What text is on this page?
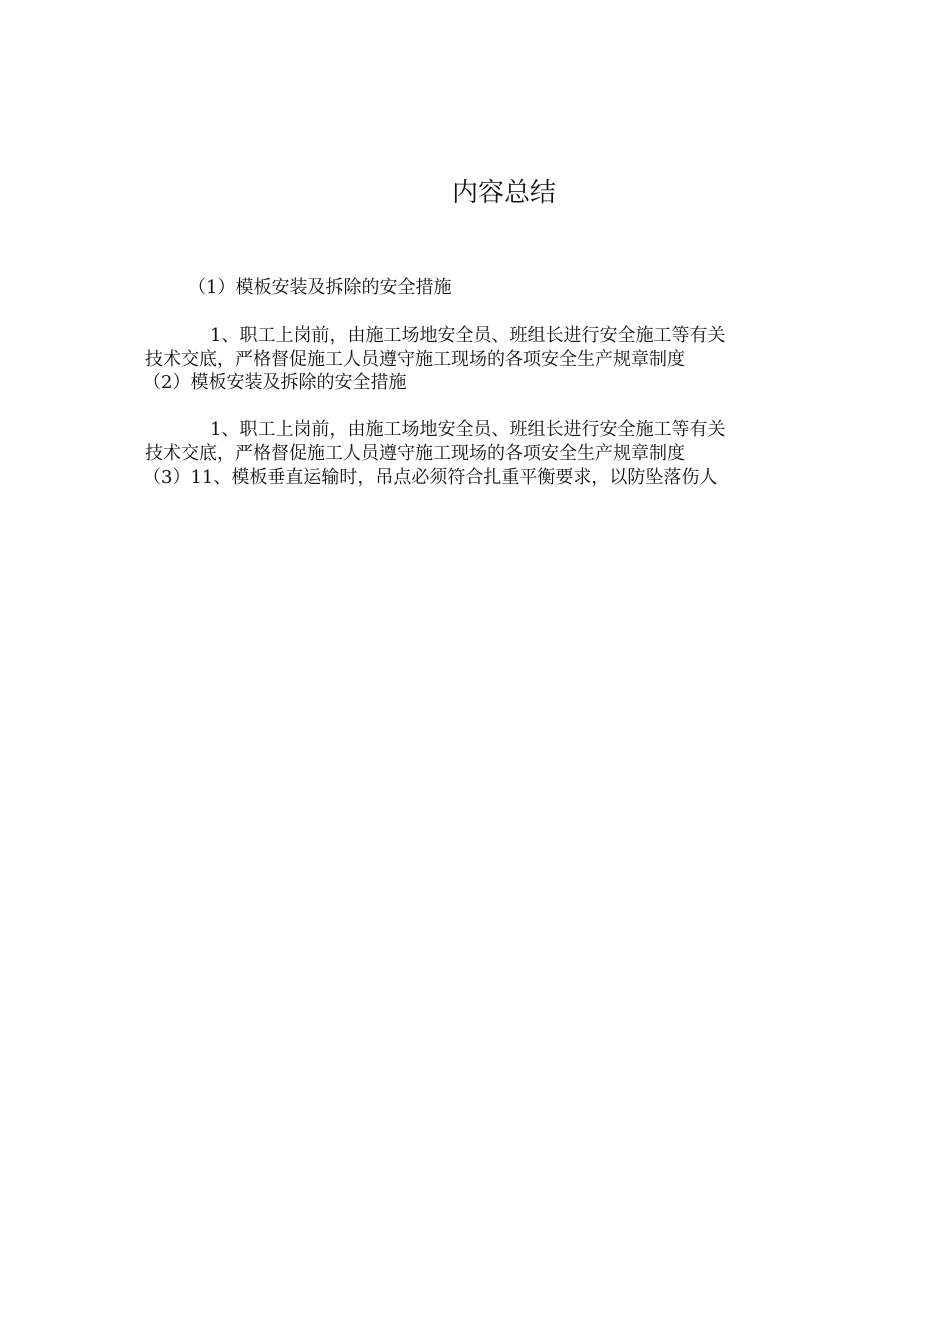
内容总结
（1）模板安装及拆除的安全措施
1、职工上岗前，由施工场地安全员、班组长进行安全施工等有关
技术交底，严格督促施工人员遵守施工现场的各项安全生产规章制度
（2）模板安装及拆除的安全措施
1、职工上岗前，由施工场地安全员、班组长进行安全施工等有关
技术交底，严格督促施工人员遵守施工现场的各项安全生产规章制度
（3）11、模板垂直运输时，吊点必须符合扎重平衡要求，以防坠落伤人
